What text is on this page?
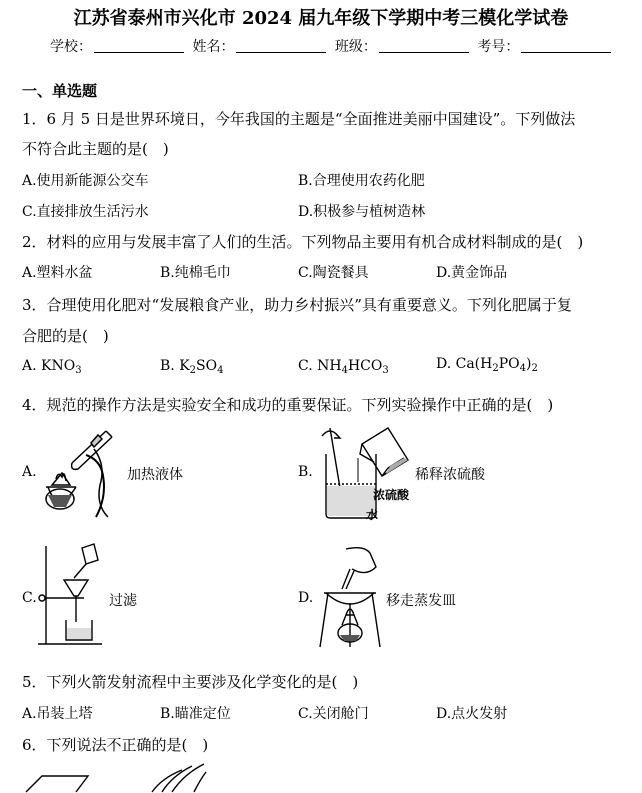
江苏省泰州市兴化市 2024 届九年级下学期中考三模化学试卷
学校：	姓名：	班级：	考号：
一、单选题
1．6 月 5 日是世界环境日，今年我国的主题是“全面推进美丽中国建设”。下列做法
不符合此主题的是(　)
A.使用新能源公交车	B.合理使用农药化肥
C.直接排放生活污水	D.积极参与植树造林
2．材料的应用与发展丰富了人们的生活。下列物品主要用有机合成材料制成的是(　)
A.塑料水盆	B.纯棉毛巾	C.陶瓷餐具	D.黄金饰品
3．合理使用化肥对“发展粮食产业，助力乡村振兴”具有重要意义。下列化肥属于复
合肥的是(　)
A. $KNO_3$	B. $K_2SO_4$	C. $NH_4HCO_3$	D. $Ca(H_2PO_4)_2$
4．规范的操作方法是实验安全和成功的重要保证。下列实验操作中正确的是(　)
A.	加热液体	B.
浓硫酸
水
稀释浓硫酸
C.	过滤	D.	移走蒸发皿
5．下列火箭发射流程中主要涉及化学变化的是(　)
A.吊装上塔	B.瞄准定位	C.关闭舱门	D.点火发射
6．下列说法不正确的是(　)
